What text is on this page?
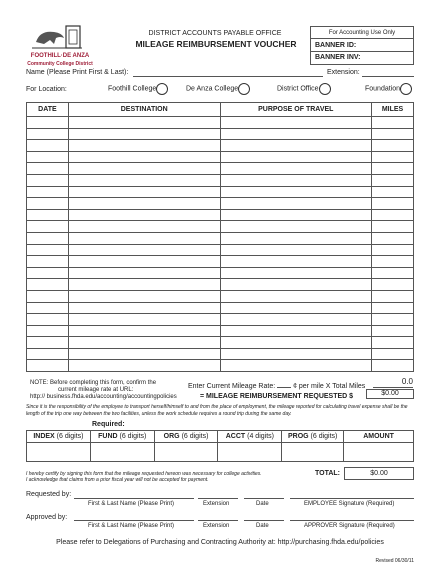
FOOTHILL·DE ANZA
Community College District
DISTRICT ACCOUNTS PAYABLE OFFICE
MILEAGE REIMBURSEMENT VOUCHER
For Accounting Use Only
BANNER ID:
BANNER INV:
Name (Please Print First & Last):	Extension:
For Location:	Foothill College	De Anza College	District Office	Foundation
DATE	DESTINATION	PURPOSE OF TRAVEL	MILES

NOTE: Before completing this form, confirm the
current mileage rate at URL:
http:// business.fhda.edu/accounting/accountingpolicies
Enter Current Mileage Rate:	¢ per mile X Total Miles
0.0
= MILEAGE REIMBURSEMENT REQUESTED $	$0.00
Since it is the responsibility of the employee to transport herself/himself to and from the place of employment, the mileage reported for calculating travel expense shall be the length of the trip one way between the two facilities, unless the work schedule requires a round trip during the same day.
Required:
INDEX (6 digits)	FUND (6 digits)	ORG (6 digits)	ACCT (4 digits)	PROG (6 digits)	AMOUNT

I hereby certify by signing this form that the mileage requested hereon was necessary for college activities.
I acknowledge that claims from a prior fiscal year will not be accepted for payment.
TOTAL:	$0.00
Requested by:
First & Last Name (Please Print)	Extension	Date	EMPLOYEE Signature (Required)
Approved by:
First & Last Name (Please Print)	Extension	Date	APPROVER Signature (Required)
Please refer to Delegations of Purchasing and Contracting Authority at: http://purchasing.fhda.edu/policies
Revised 06/30/11
